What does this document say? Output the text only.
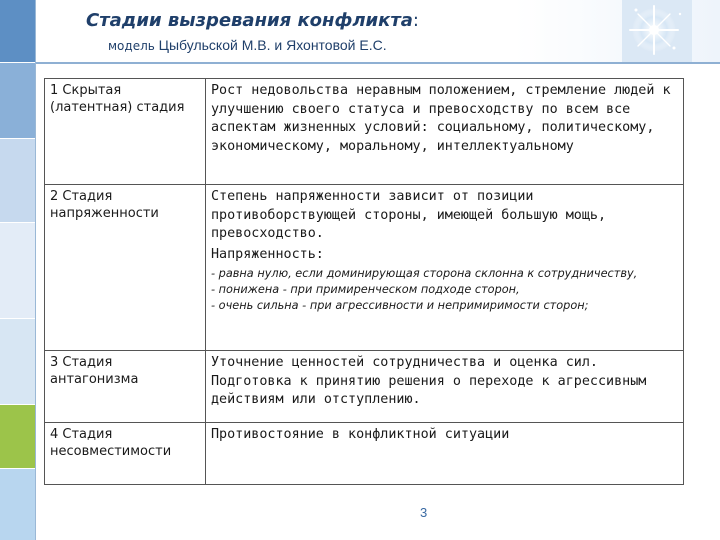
Стадии вызревания конфликта:
модель Цыбульской М.В. и Яхонтовой Е.С.
1 Скрытая (латентная) стадия	Рост недовольства неравным положением, стремление людей к улучшению своего статуса и превосходству по всем все аспектам жизненных условий: социальному, политическому, экономическому, моральному, интеллектуальному

2 Стадия напряженности	Степень напряженности зависит от позиции противоборствующей стороны, имеющей большую мощь, превосходство.
Напряженность:
- равна нулю, если доминирующая сторона склонна к сотрудничеству,
- понижена - при примиренческом подходе сторон,
- очень сильна - при агрессивности и непримиримости сторон;

3 Стадия антагонизма	Уточнение ценностей сотрудничества и оценка сил.
Подготовка к принятию решения о переходе к агрессивным действиям или отступлению.

4 Стадия несовместимости	Противостояние в конфликтной ситуации
3
